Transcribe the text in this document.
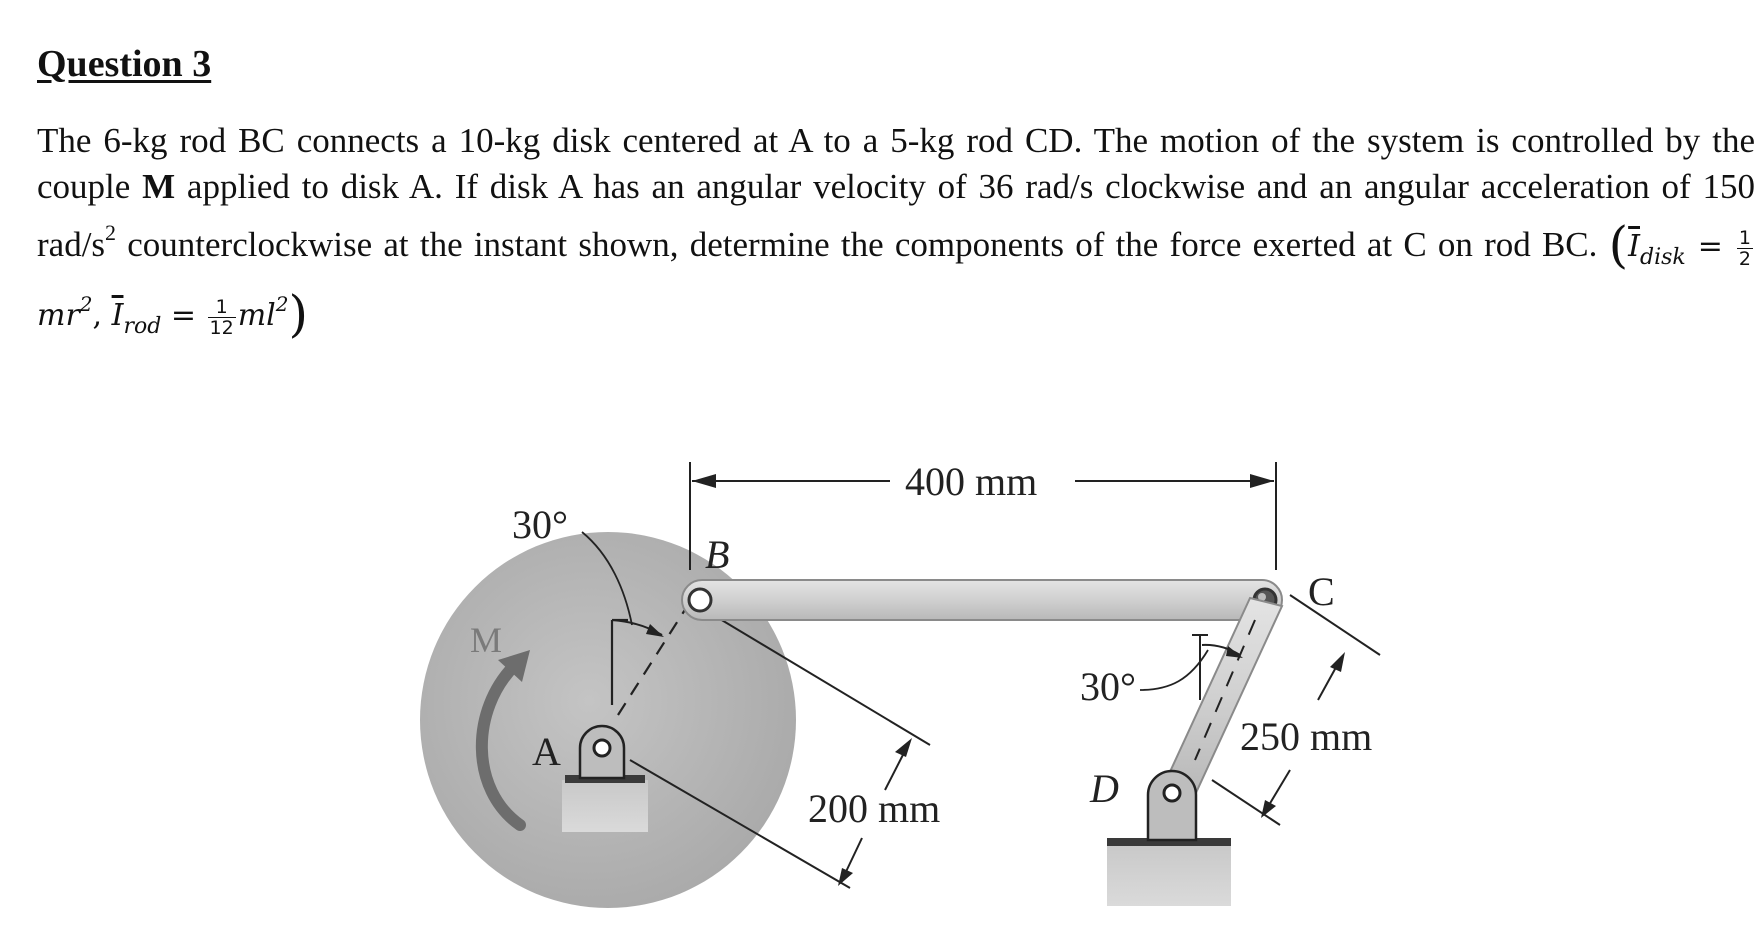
Question 3

The 6-kg rod BC connects a 10-kg disk centered at A to a 5-kg rod CD. The motion of the system is controlled by the couple M applied to disk A. If disk A has an angular velocity of 36 rad/s clockwise and an angular acceleration of 150 rad/$s^2$ counterclockwise at the instant shown, determine the components of the force exerted at C on rod BC. ($\overline{I}_{disk} = \frac{1}{2}$
$mr^2$, $\overline{I}_{rod} = \frac{1}{12} ml^2$)

M
30°
A
200 mm
400 mm
B
C
30°
250 mm
D
